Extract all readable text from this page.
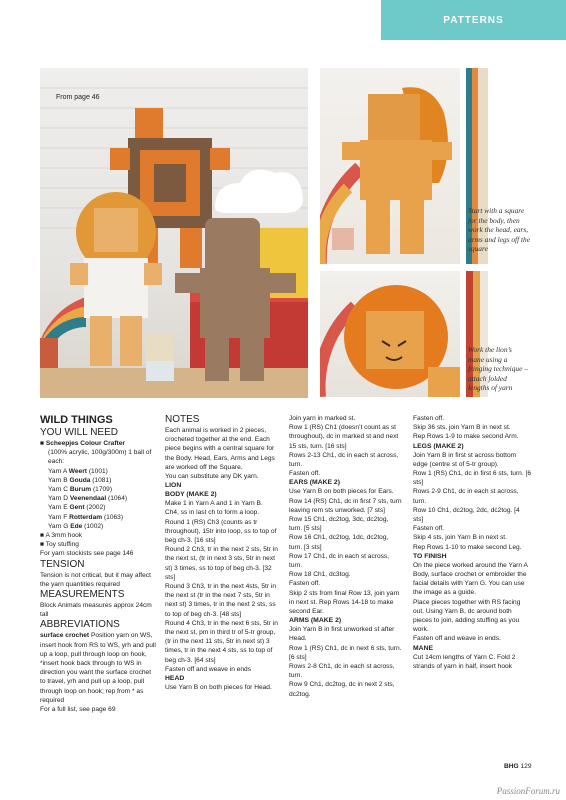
PATTERNS
From page 46
Start with a square for the body, then work the head, ears, arms and legs off the square
Work the lion’s mane using a fringing technique – attach folded lengths of yarn

WILD THINGS

YOU WILL NEED

■ Scheepjes Colour Crafter

(100% acrylic, 100g/300m) 1 ball of each:

Yarn A Weert (1001)

Yarn B Gouda (1081)

Yarn C Burum (1709)

Yarn D Veenendaal (1064)

Yarn E Gent (2002)

Yarn F Rotterdam (1063)

Yarn G Ede (1002)

■ A 3mm hook

■ Toy stuffing

For yarn stockists see page 146

TENSION

Tension is not critical, but it may affect the yarn quantities required

MEASUREMENTS

Block Animals measures approx 24cm tall

ABBREVIATIONS

surface crochet Position yarn on WS, insert hook from RS to WS, yrh and pull up a loop, pull through loop on hook, *insert hook back through to WS in direction you want the surface crochet to travel, yrh and pull up a loop, pull through loop on hook; rep from * as required

For a full list, see page 69

NOTES

Each animal is worked in 2 pieces, crocheted together at the end. Each piece begins with a central square for the Body. Head, Ears, Arms and Legs are worked off the Square.

You can substitute any DK yarn.

LION

BODY (MAKE 2)

Make 1 in Yarn A and 1 in Yarn B.

Ch4, ss in last ch to form a loop.

Round 1 (RS) Ch3 (counts as tr throughout), 15tr into loop, ss to top of beg ch-3. [16 sts]

Round 2 Ch3, tr in the next 2 sts, 5tr in the next st, (tr in next 3 sts, 5tr in next st) 3 times, ss to top of beg ch-3. [32 sts]

Round 3 Ch3, tr in the next 4sts, 5tr in the next st (tr in the next 7 sts, 5tr in next st) 3 times, tr in the next 2 sts, ss to top of beg ch-3. [48 sts]

Round 4 Ch3, tr in the next 6 sts, 5tr in the next st, pm in third tr of 5-tr group, (tr in the next 11 sts, 5tr in next st) 3 times, tr in the next 4 sts, ss to top of beg ch-3. [64 sts]

Fasten off and weave in ends

HEAD

Use Yarn B on both pieces for Head.

Join yarn in marked st.

Row 1 (RS) Ch1 (doesn’t count as st throughout), dc in marked st and next 15 sts, turn. [16 sts]

Rows 2-13 Ch1, dc in each st across, turn.

Fasten off.

EARS (MAKE 2)

Use Yarn B on both pieces for Ears.

Row 14 (RS) Ch1, dc in first 7 sts, turn leaving rem sts unworked. [7 sts]

Row 15 Ch1, dc2tog, 3dc, dc2tog, turn. [5 sts]

Row 16 Ch1, dc2tog, 1dc, dc2tog, turn. [3 sts]

Row 17 Ch1, dc in each st across, turn.

Row 18 Ch1, dc3tog.

Fasten off.

Skip 2 sts from final Row 13, join yarn in next st. Rep Rows 14-18 to make second Ear.

ARMS (MAKE 2)

Join Yarn B in first unworked st after Head.

Row 1 (RS) Ch1, dc in next 6 sts, turn. [6 sts]

Rows 2-8 Ch1, dc in each st across, turn.

Row 9 Ch1, dc2tog, dc in next 2 sts, dc2tog.

Fasten off.

Skip 36 sts, join Yarn B in next st.

Rep Rows 1-9 to make second Arm.

LEGS (MAKE 2)

Join Yarn B in first st across bottom edge (centre st of 5-tr group).

Row 1 (RS) Ch1, dc in first 6 sts, turn. [6 sts]

Rows 2-9 Ch1, dc in each st across, turn.

Row 10 Ch1, dc2tog, 2dc, dc2tog. [4 sts]

Fasten off.

Skip 4 sts, join Yarn B in next st.

Rep Rows 1-10 to make second Leg.

TO FINISH

On the piece worked around the Yarn A Body, surface crochet or embroider the facial details with Yarn G. You can use the image as a guide.

Place pieces together with RS facing out. Using Yarn B, dc around both pieces to join, adding stuffing as you work.

Fasten off and weave in ends.

MANE

Cut 14cm lengths of Yarn C. Fold 2 strands of yarn in half, insert hook

BHG 129
PassionForum.ru
